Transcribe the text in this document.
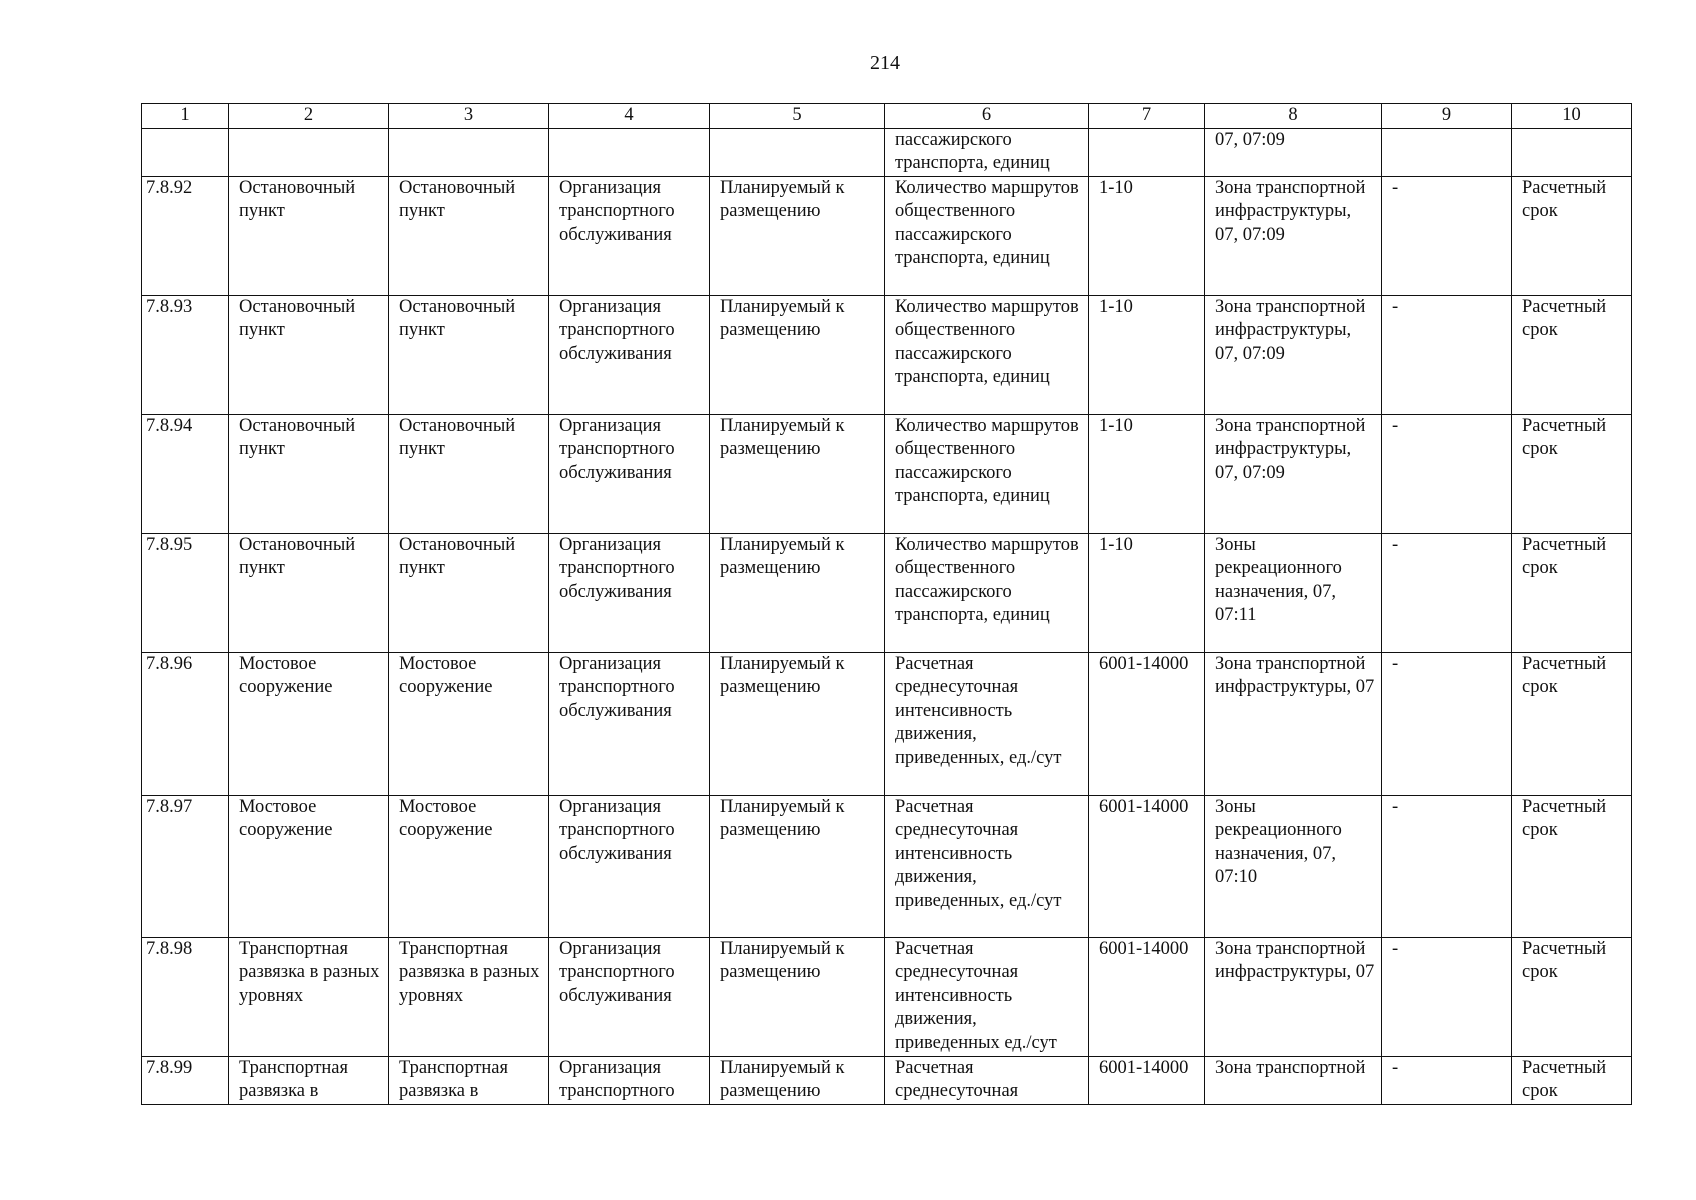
214
1	2	3	4	5	6	7	8	9	10
					пассажирского транспорта, единиц		07, 07:09		
7.8.92	Остановочный пункт	Остановочный пункт	Организация транспортного обслуживания	Планируемый к размещению	Количество маршрутов общественного пассажирского транспорта, единиц	1-10	Зона транспортной инфраструктуры, 07, 07:09	-	Расчетный срок
7.8.93	Остановочный пункт	Остановочный пункт	Организация транспортного обслуживания	Планируемый к размещению	Количество маршрутов общественного пассажирского транспорта, единиц	1-10	Зона транспортной инфраструктуры, 07, 07:09	-	Расчетный срок
7.8.94	Остановочный пункт	Остановочный пункт	Организация транспортного обслуживания	Планируемый к размещению	Количество маршрутов общественного пассажирского транспорта, единиц	1-10	Зона транспортной инфраструктуры, 07, 07:09	-	Расчетный срок
7.8.95	Остановочный пункт	Остановочный пункт	Организация транспортного обслуживания	Планируемый к размещению	Количество маршрутов общественного пассажирского транспорта, единиц	1-10	Зоны рекреационного назначения, 07, 07:11	-	Расчетный срок
7.8.96	Мостовое сооружение	Мостовое сооружение	Организация транспортного обслуживания	Планируемый к размещению	Расчетная среднесуточная интенсивность движения, приведенных, ед./сут	6001-14000	Зона транспортной инфраструктуры, 07	-	Расчетный срок
7.8.97	Мостовое сооружение	Мостовое сооружение	Организация транспортного обслуживания	Планируемый к размещению	Расчетная среднесуточная интенсивность движения, приведенных, ед./сут	6001-14000	Зоны рекреационного назначения, 07, 07:10	-	Расчетный срок
7.8.98	Транспортная развязка в разных уровнях	Транспортная развязка в разных уровнях	Организация транспортного обслуживания	Планируемый к размещению	Расчетная среднесуточная интенсивность движения, приведенных ед./сут	6001-14000	Зона транспортной инфраструктуры, 07	-	Расчетный срок
7.8.99	Транспортная развязка в	Транспортная развязка в	Организация транспортного	Планируемый к размещению	Расчетная среднесуточная	6001-14000	Зона транспортной	-	Расчетный срок
